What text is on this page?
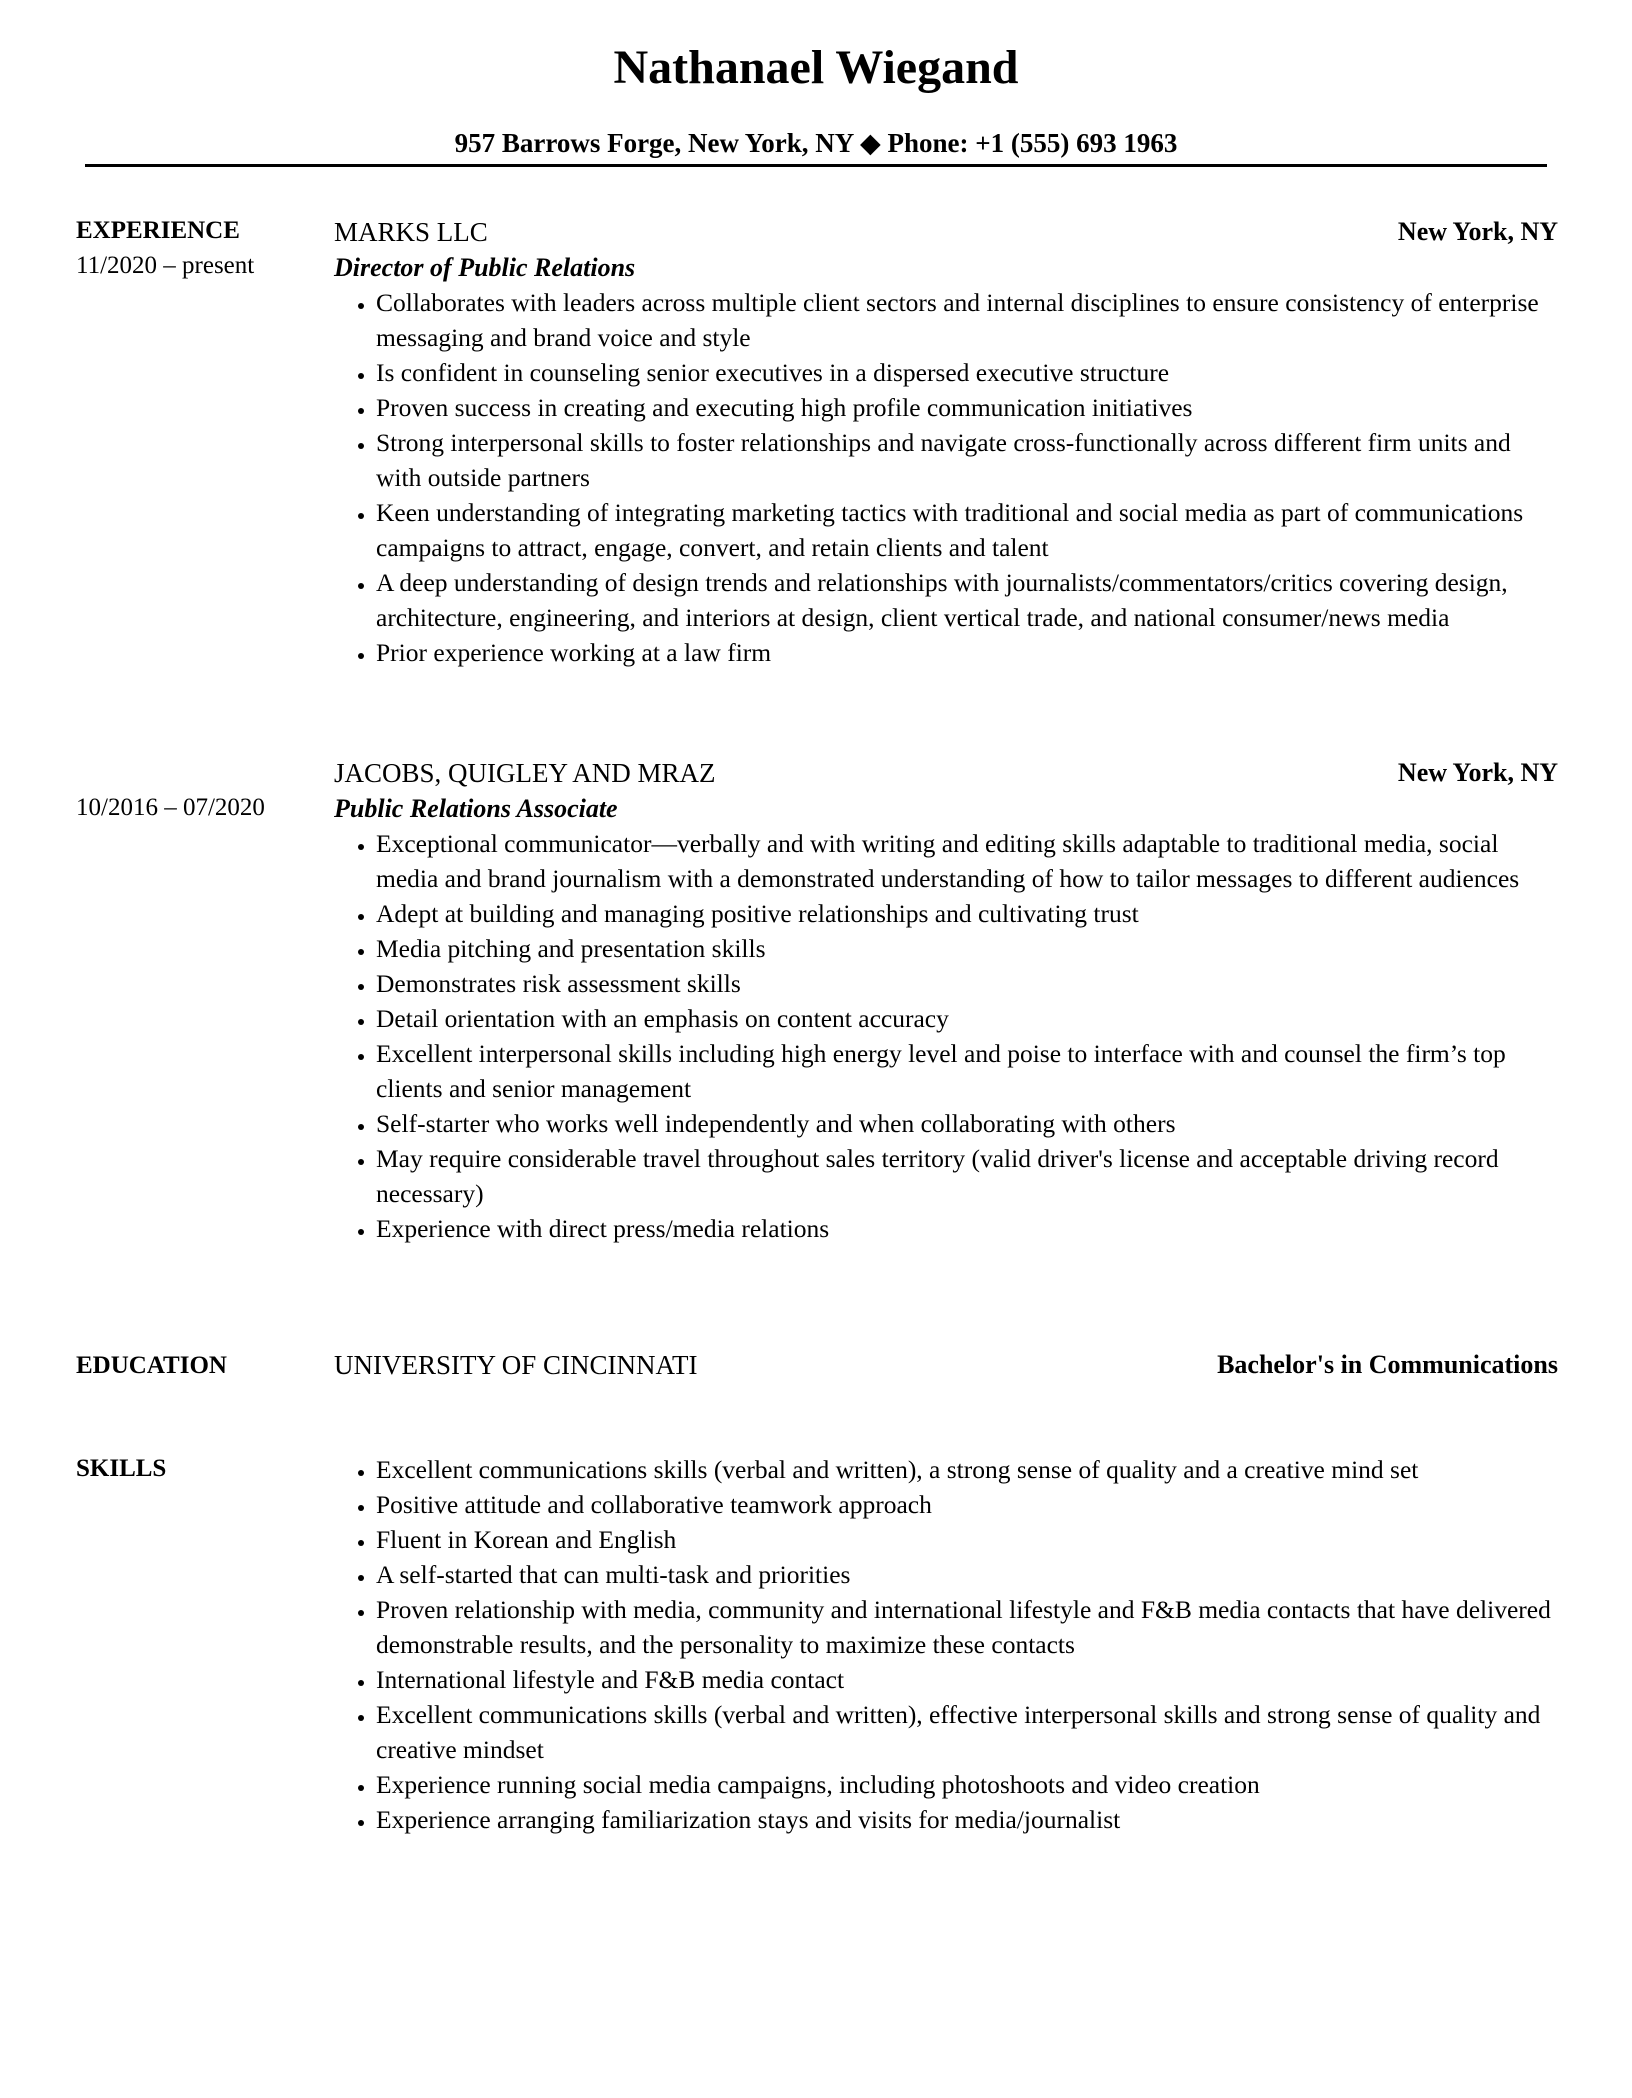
Nathanael Wiegand
957 Barrows Forge, New York, NY ◆ Phone: +1 (555) 693 1963
EXPERIENCE
11/2020 – present
MARKS LLC	New York, NY
Director of Public Relations
• Collaborates with leaders across multiple client sectors and internal disciplines to ensure consistency of enterprise messaging and brand voice and style
• Is confident in counseling senior executives in a dispersed executive structure
• Proven success in creating and executing high profile communication initiatives
• Strong interpersonal skills to foster relationships and navigate cross-functionally across different firm units and with outside partners
• Keen understanding of integrating marketing tactics with traditional and social media as part of communications campaigns to attract, engage, convert, and retain clients and talent
• A deep understanding of design trends and relationships with journalists/commentators/critics covering design, architecture, engineering, and interiors at design, client vertical trade, and national consumer/news media
• Prior experience working at a law firm
10/2016 – 07/2020
JACOBS, QUIGLEY AND MRAZ	New York, NY
Public Relations Associate
• Exceptional communicator—verbally and with writing and editing skills adaptable to traditional media, social media and brand journalism with a demonstrated understanding of how to tailor messages to different audiences
• Adept at building and managing positive relationships and cultivating trust
• Media pitching and presentation skills
• Demonstrates risk assessment skills
• Detail orientation with an emphasis on content accuracy
• Excellent interpersonal skills including high energy level and poise to interface with and counsel the firm’s top clients and senior management
• Self-starter who works well independently and when collaborating with others
• May require considerable travel throughout sales territory (valid driver's license and acceptable driving record necessary)
• Experience with direct press/media relations
EDUCATION	UNIVERSITY OF CINCINNATI	Bachelor's in Communications
SKILLS
•	Excellent communications skills (verbal and written), a strong sense of quality and a creative mind set
• Positive attitude and collaborative teamwork approach
• Fluent in Korean and English
• A self-started that can multi-task and priorities
• Proven relationship with media, community and international lifestyle and F&B media contacts that have delivered demonstrable results, and the personality to maximize these contacts
• International lifestyle and F&B media contact
• Excellent communications skills (verbal and written), effective interpersonal skills and strong sense of quality and creative mindset
• Experience running social media campaigns, including photoshoots and video creation
• Experience arranging familiarization stays and visits for media/journalist
